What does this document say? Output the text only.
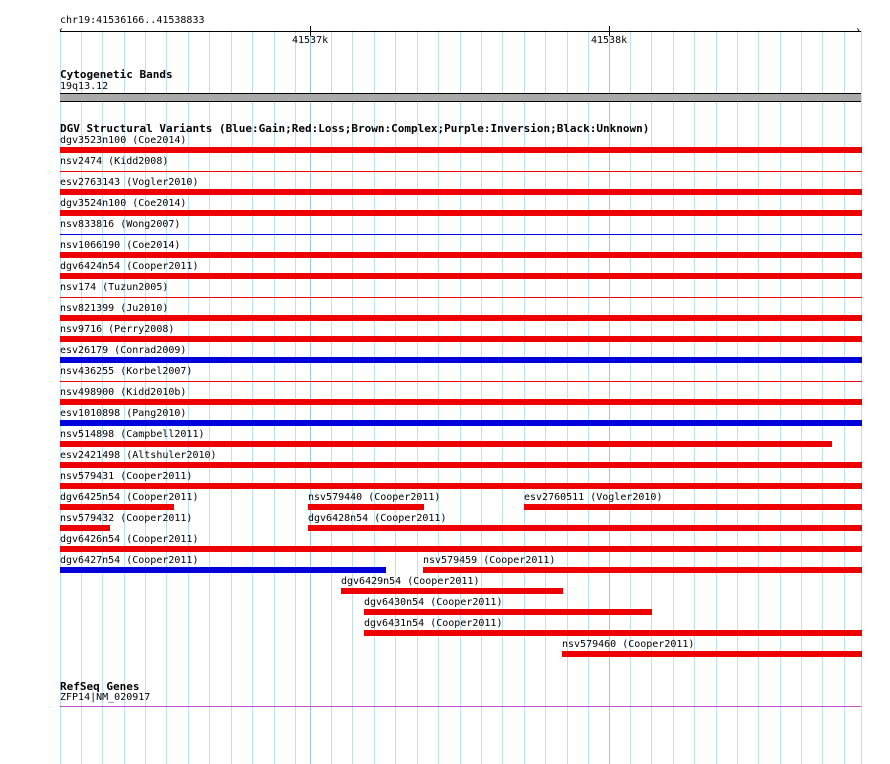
chr19:41536166..41538833
‹	›
41537k	41538k
Cytogenetic Bands
19q13.12
DGV Structural Variants (Blue:Gain;Red:Loss;Brown:Complex;Purple:Inversion;Black:Unknown)
dgv3523n100 (Coe2014)
nsv2474 (Kidd2008)
esv2763143 (Vogler2010)
dgv3524n100 (Coe2014)
nsv833816 (Wong2007)
nsv1066190 (Coe2014)
dgv6424n54 (Cooper2011)
nsv174 (Tuzun2005)
nsv821399 (Ju2010)
nsv9716 (Perry2008)
esv26179 (Conrad2009)
nsv436255 (Korbel2007)
nsv498900 (Kidd2010b)
esv1010898 (Pang2010)
nsv514898 (Campbell2011)
esv2421498 (Altshuler2010)
nsv579431 (Cooper2011)
dgv6425n54 (Cooper2011)	nsv579440 (Cooper2011)	esv2760511 (Vogler2010)
nsv579432 (Cooper2011)	dgv6428n54 (Cooper2011)
dgv6426n54 (Cooper2011)
dgv6427n54 (Cooper2011)	nsv579459 (Cooper2011)
dgv6429n54 (Cooper2011)
dgv6430n54 (Cooper2011)
dgv6431n54 (Cooper2011)
nsv579460 (Cooper2011)
RefSeq Genes
ZFP14|NM_020917
